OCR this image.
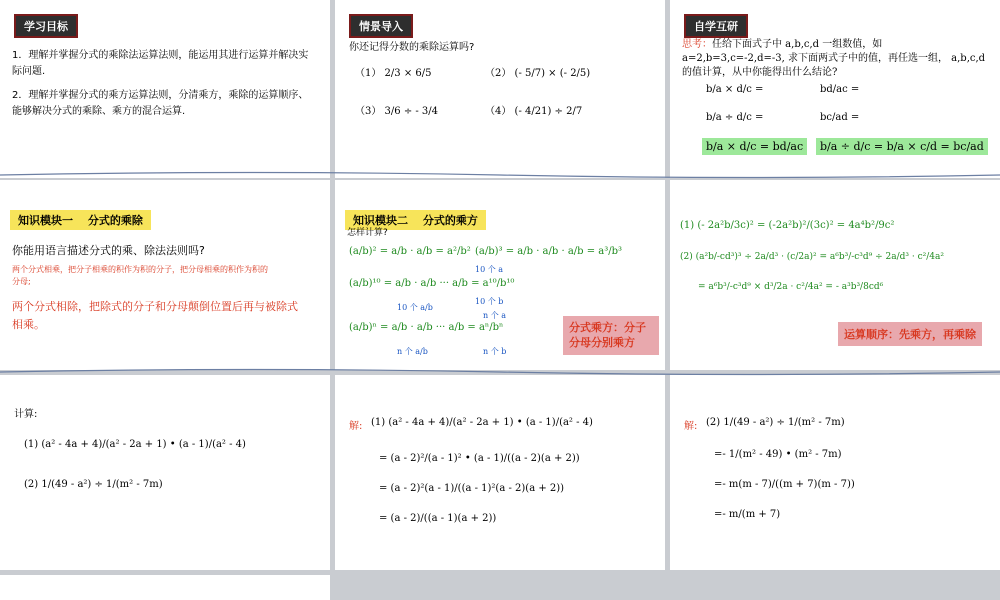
学习目标
1．理解并掌握分式的乘除法运算法则，能运用其进行运算并解决实际问题.
2．理解并掌握分式的乘方运算法则，分清乘方，乘除的运算顺序、能够解决分式的乘除、乘方的混合运算.
情景导入
你还记得分数的乘除运算吗?
（1） 2/3 × 6/5	（2） (- 5/7) × (- 2/5)
（3） 3/6 ÷ - 3/4	（4） (- 4/21) ÷ 2/7
自学互研
思考：任给下面式子中 a,b,c,d 一组数值，如 a=2,b=3,c=-2,d=-3, 求下面两式子中的值，再任选一组， a,b,c,d 的值计算，从中你能得出什么结论?
b/a × d/c =	bd/ac =
b/a ÷ d/c =	bc/ad =
b/a × d/c = bd/ac	b/a ÷ d/c = b/a × c/d = bc/ad
知识模块一　 分式的乘除
你能用语言描述分式的乘、除法法则吗?
两个分式相乘，把分子相乘的积作为积的分子，把分母相乘的积作为积的分母;
两个分式相除，把除式的分子和分母颠倒位置后再与被除式相乘。
知识模块二　 分式的乘方
怎样计算?
(a/b)² = a/b · a/b = a²/b² (a/b)³ = a/b · a/b · a/b = a³/b³
(a/b)¹⁰ = a/b · a/b ··· a/b = a¹⁰/b¹⁰
10 个 a
10 个 b
10 个 a/b
(a/b)ⁿ = a/b · a/b ··· a/b = aⁿ/bⁿ
n 个 a
n 个 b
n 个 a/b
分式乘方：分子分母分别乘方
(1) (- 2a²b/3c)² = (-2a²b)²/(3c)² = 4a⁴b²/9c²
(2) (a²b/-cd³)³ ÷ 2a/d³ · (c/2a)² = a⁶b³/-c³d⁹ ÷ 2a/d³ · c²/4a²
= a⁶b³/-c³d⁹ × d³/2a · c²/4a² = - a³b³/8cd⁶
运算顺序：先乘方，再乘除
计算:
(1) (a² - 4a + 4)/(a² - 2a + 1) • (a - 1)/(a² - 4)
(2) 1/(49 - a²) ÷ 1/(m² - 7m)
解: (1) (a² - 4a + 4)/(a² - 2a + 1) • (a - 1)/(a² - 4)
= (a - 2)²/(a - 1)² • (a - 1)/((a - 2)(a + 2))
= (a - 2)²(a - 1)/((a - 1)²(a - 2)(a + 2))
= (a - 2)/((a - 1)(a + 2))
解: (2) 1/(49 - a²) ÷ 1/(m² - 7m)
=- 1/(m² - 49) • (m² - 7m)
=- m(m - 7)/((m + 7)(m - 7))
=- m/(m + 7)
